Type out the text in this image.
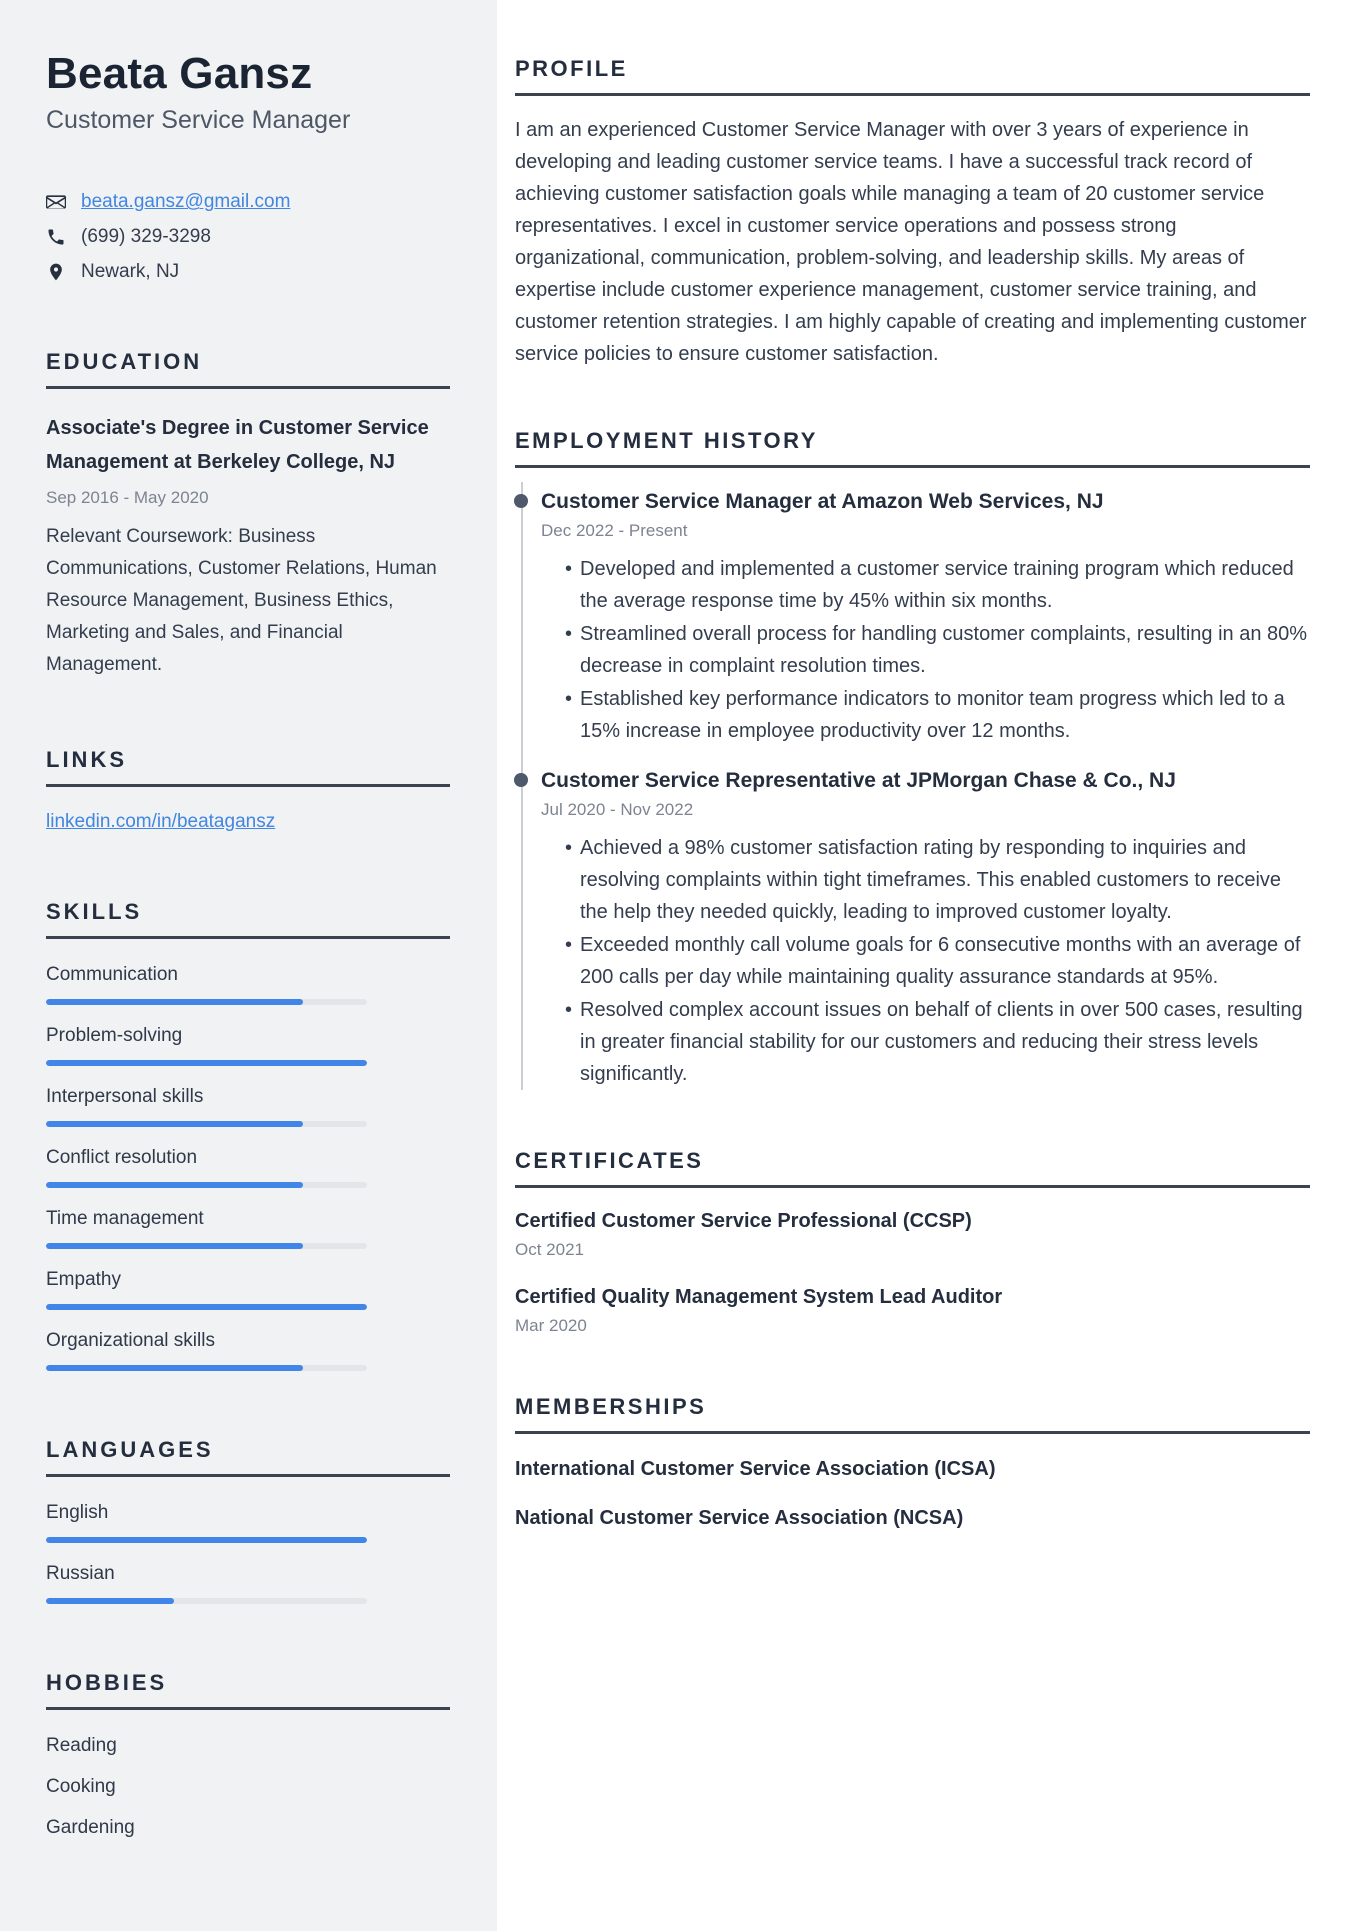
Beata Gansz
Customer Service Manager
beata.gansz@gmail.com
(699) 329-3298
Newark, NJ
EDUCATION
Associate's Degree in Customer Service Management at Berkeley College, NJ
Sep 2016 - May 2020
Relevant Coursework: Business Communications, Customer Relations, Human Resource Management, Business Ethics, Marketing and Sales, and Financial Management.
LINKS
linkedin.com/in/beatagansz
SKILLS
Communication
Problem-solving
Interpersonal skills
Conflict resolution
Time management
Empathy
Organizational skills
LANGUAGES
English
Russian
HOBBIES
Reading
Cooking
Gardening
PROFILE

I am an experienced Customer Service Manager with over 3 years of experience in developing and leading customer service teams. I have a successful track record of achieving customer satisfaction goals while managing a team of 20 customer service representatives. I excel in customer service operations and possess strong organizational, communication, problem-solving, and leadership skills. My areas of expertise include customer experience management, customer service training, and customer retention strategies. I am highly capable of creating and implementing customer service policies to ensure customer satisfaction.

EMPLOYMENT HISTORY
Customer Service Manager at Amazon Web Services, NJ
Dec 2022 - Present
• Developed and implemented a customer service training program which reduced the average response time by 45% within six months.
• Streamlined overall process for handling customer complaints, resulting in an 80% decrease in complaint resolution times.
• Established key performance indicators to monitor team progress which led to a 15% increase in employee productivity over 12 months.
Customer Service Representative at JPMorgan Chase & Co., NJ
Jul 2020 - Nov 2022
• Achieved a 98% customer satisfaction rating by responding to inquiries and resolving complaints within tight timeframes. This enabled customers to receive the help they needed quickly, leading to improved customer loyalty.
• Exceeded monthly call volume goals for 6 consecutive months with an average of 200 calls per day while maintaining quality assurance standards at 95%.
• Resolved complex account issues on behalf of clients in over 500 cases, resulting in greater financial stability for our customers and reducing their stress levels significantly.
CERTIFICATES
Certified Customer Service Professional (CCSP)
Oct 2021
Certified Quality Management System Lead Auditor
Mar 2020
MEMBERSHIPS
International Customer Service Association (ICSA)
National Customer Service Association (NCSA)
